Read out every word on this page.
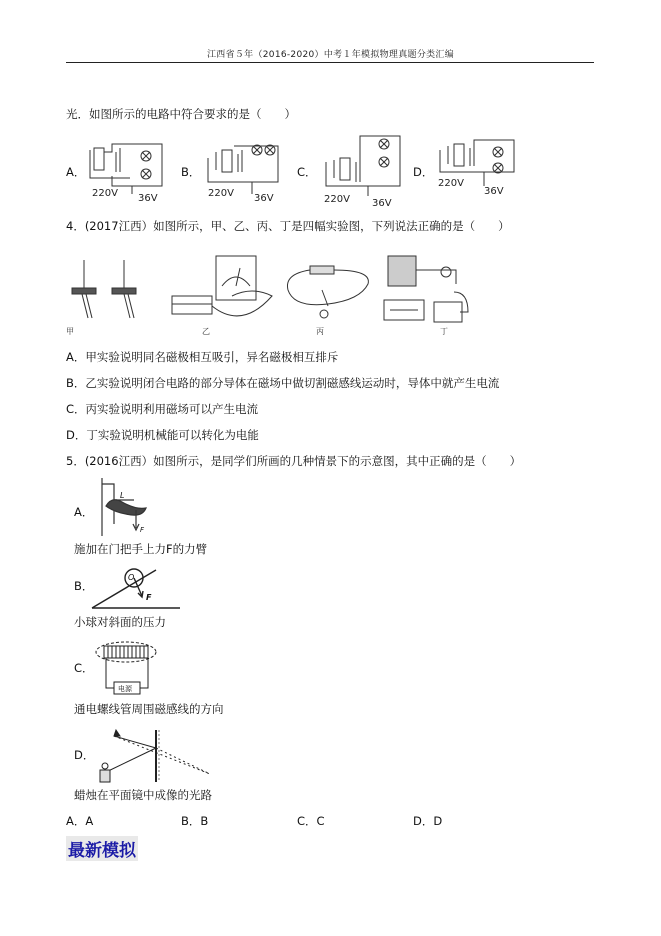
江西省５年（2016-2020）中考１年模拟物理真题分类汇编
光．如图所示的电路中符合要求的是（　　）
A．	B．	C．	D．
220V 36V	220V 36V	220V 36V
220V
36V
4．(2017江西）如图所示，甲、乙、丙、丁是四幅实验图，下列说法正确的是（　　）
甲	乙	丙	丁
A．甲实验说明同名磁极相互吸引，异名磁极相互排斥
B．乙实验说明闭合电路的部分导体在磁场中做切割磁感线运动时，导体中就产生电流
C．丙实验说明利用磁场可以产生电流
D．丁实验说明机械能可以转化为电能
5．(2016江西）如图所示，是同学们所画的几种情景下的示意图，其中正确的是（　　）
A．
L
F
施加在门把手上力F的力臂
B．
O
F
小球对斜面的压力
C．
电源
通电螺线管周围磁感线的方向
D．
蜡烛在平面镜中成像的光路
A．A	B．B	C．C	D．D
最新模拟
